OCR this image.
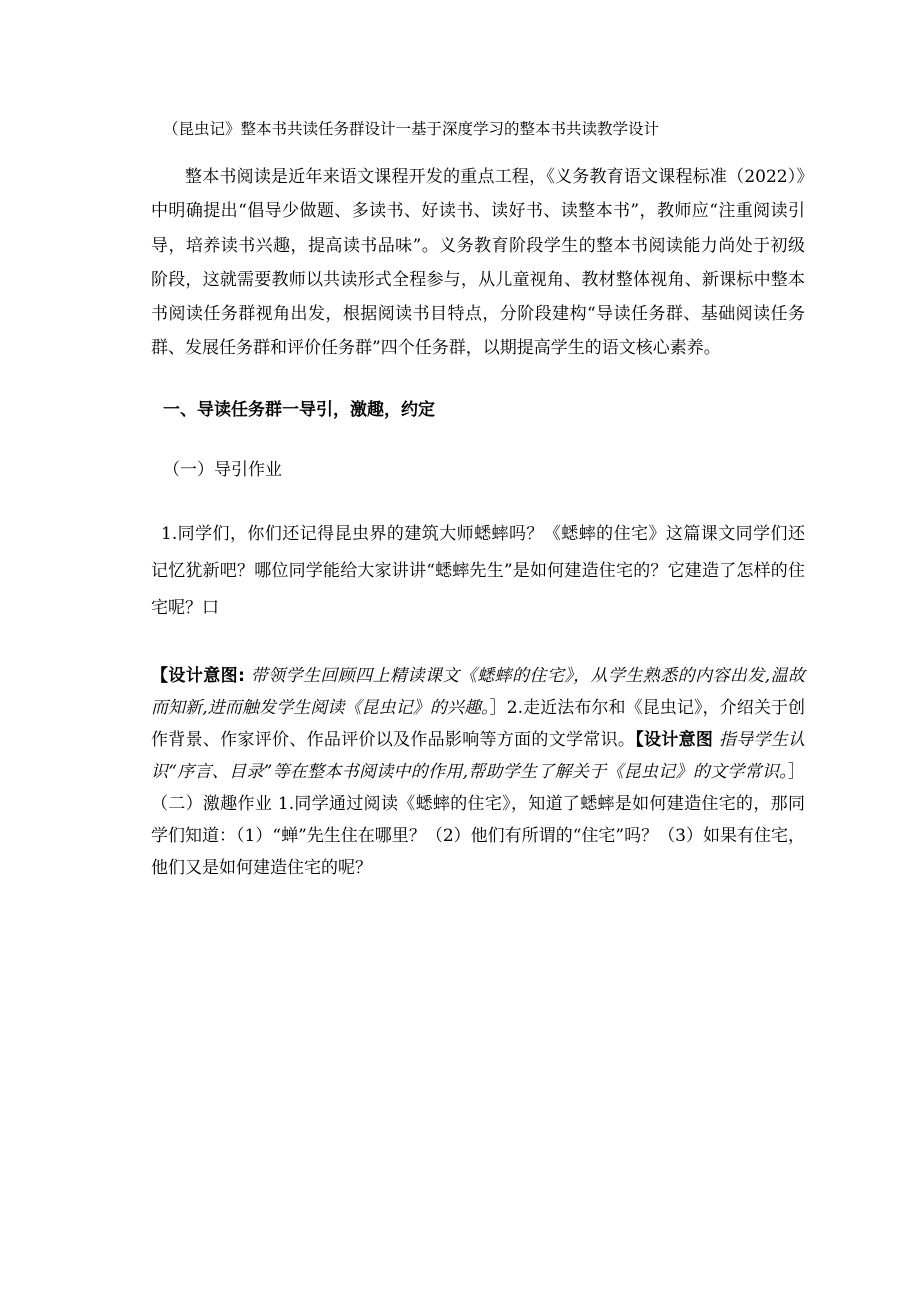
（昆虫记》整本书共读任务群设计一基于深度学习的整本书共读教学设计

整本书阅读是近年来语文课程开发的重点工程，《义务教育语文课程标准（2022）》中明确提出“倡导少做题、多读书、好读书、读好书、读整本书”，教师应“注重阅读引导，培养读书兴趣，提高读书品味”。义务教育阶段学生的整本书阅读能力尚处于初级阶段，这就需要教师以共读形式全程参与，从儿童视角、教材整体视角、新课标中整本书阅读任务群视角出发，根据阅读书目特点，分阶段建构“导读任务群、基础阅读任务群、发展任务群和评价任务群”四个任务群，以期提高学生的语文核心素养。

一、导读任务群一导引，激趣，约定
（一）导引作业

1.同学们，你们还记得昆虫界的建筑大师蟋蟀吗？《蟋蟀的住宅》这篇课文同学们还记忆犹新吧？哪位同学能给大家讲讲“蟋蟀先生”是如何建造住宅的？它建造了怎样的住宅呢？口

【设计意图: 带领学生回顾四上精读课文《蟋蟀的住宅》，从学生熟悉的内容出发,温故而知新,进而触发学生阅读《昆虫记》的兴趣。］2.走近法布尔和《昆虫记》，介绍关于创作背景、作家评价、作品评价以及作品影响等方面的文学常识。【设计意图 指导学生认识“序言、目录”等在整本书阅读中的作用,帮助学生了解关于《昆虫记》的文学常识。］（二）激趣作业 1.同学通过阅读《蟋蟀的住宅》，知道了蟋蟀是如何建造住宅的，那同学们知道：（1）“蝉”先生住在哪里？（2）他们有所谓的“住宅”吗？（3）如果有住宅，他们又是如何建造住宅的呢？
